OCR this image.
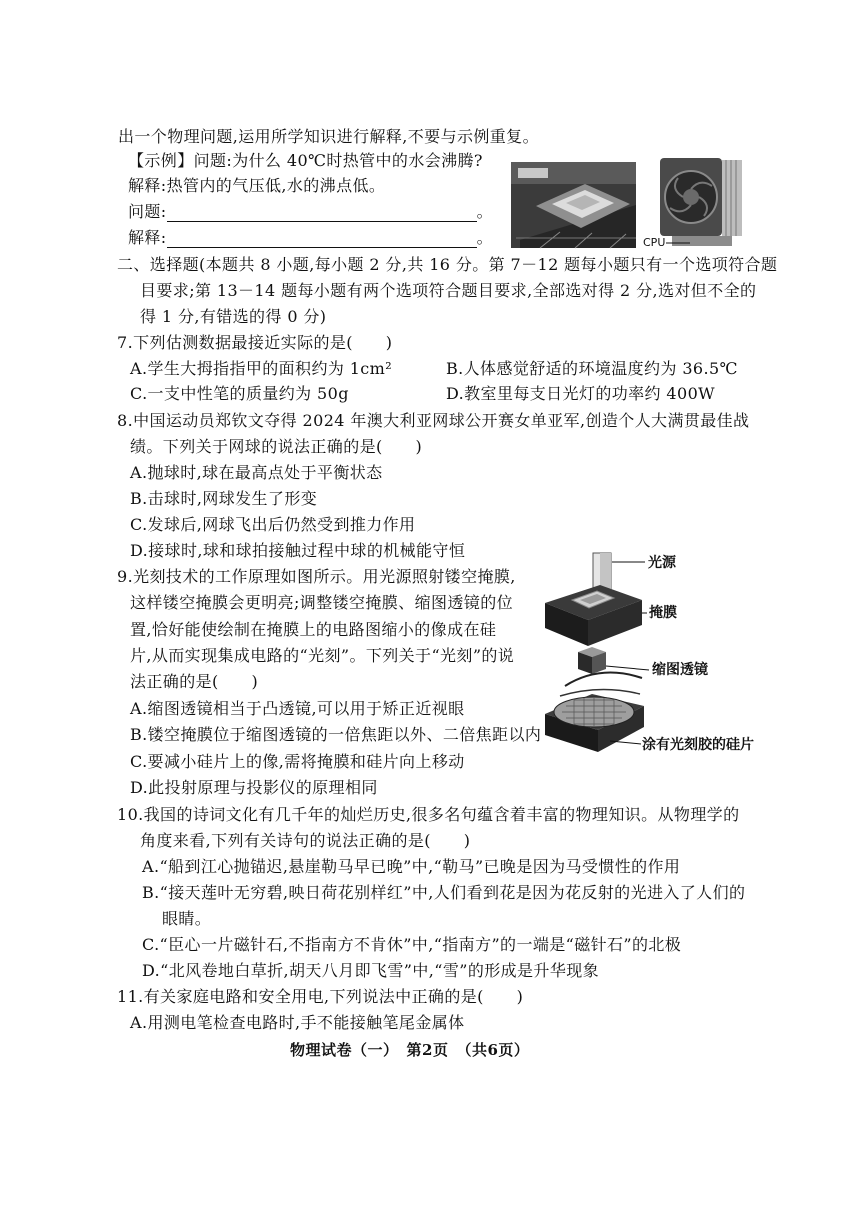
出一个物理问题,运用所学知识进行解释,不要与示例重复。
【示例】问题:为什么 40℃时热管中的水会沸腾?
解释:热管内的气压低,水的沸点低。
问题:	。
解释:	。	CPU
二、选择题(本题共 8 小题,每小题 2 分,共 16 分。第 7－12 题每小题只有一个选项符合题
目要求;第 13－14 题每小题有两个选项符合题目要求,全部选对得 2 分,选对但不全的
得 1 分,有错选的得 0 分)
7.下列估测数据最接近实际的是(　　)
A.学生大拇指指甲的面积约为 1cm²	B.人体感觉舒适的环境温度约为 36.5℃
C.一支中性笔的质量约为 50g	D.教室里每支日光灯的功率约 400W
8.中国运动员郑钦文夺得 2024 年澳大利亚网球公开赛女单亚军,创造个人大满贯最佳战
绩。下列关于网球的说法正确的是(　　)
A.抛球时,球在最高点处于平衡状态
B.击球时,网球发生了形变
C.发球后,网球飞出后仍然受到推力作用
D.接球时,球和球拍接触过程中球的机械能守恒
9.光刻技术的工作原理如图所示。用光源照射镂空掩膜,
这样镂空掩膜会更明亮;调整镂空掩膜、缩图透镜的位
置,恰好能使绘制在掩膜上的电路图缩小的像成在硅
片,从而实现集成电路的“光刻”。下列关于“光刻”的说
法正确的是(　　)
A.缩图透镜相当于凸透镜,可以用于矫正近视眼
B.镂空掩膜位于缩图透镜的一倍焦距以外、二倍焦距以内
C.要减小硅片上的像,需将掩膜和硅片向上移动
D.此投射原理与投影仪的原理相同
光源
掩膜
缩图透镜
涂有光刻胶的硅片
10.我国的诗词文化有几千年的灿烂历史,很多名句蕴含着丰富的物理知识。从物理学的
角度来看,下列有关诗句的说法正确的是(　　)
A.“船到江心抛锚迟,悬崖勒马早已晚”中,“勒马”已晚是因为马受惯性的作用
B.“接天莲叶无穷碧,映日荷花别样红”中,人们看到花是因为花反射的光进入了人们的
眼睛。
C.“臣心一片磁针石,不指南方不肯休”中,“指南方”的一端是“磁针石”的北极
D.“北风卷地白草折,胡天八月即飞雪”中,“雪”的形成是升华现象
11.有关家庭电路和安全用电,下列说法中正确的是(　　)
A.用测电笔检查电路时,手不能接触笔尾金属体
物理试卷（一）　第2页　（共6页）
